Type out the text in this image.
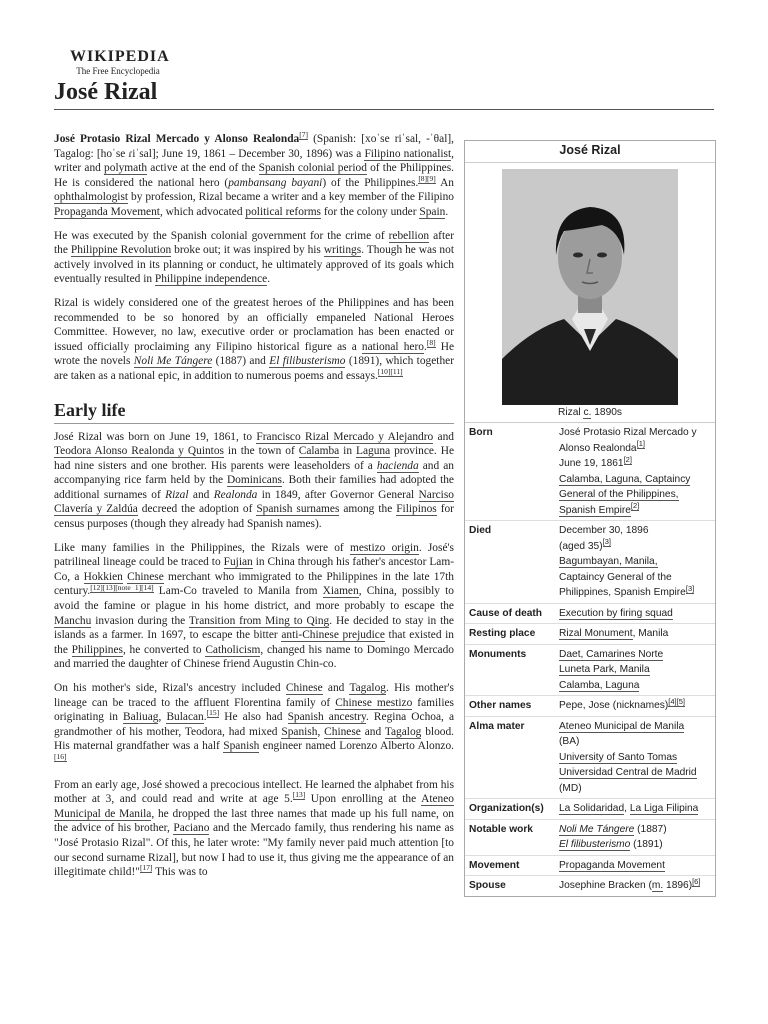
WIKIPEDIA
The Free Encyclopedia
José Rizal

José Protasio Rizal Mercado y Alonso Realonda[7] (Spanish: [xoˈse riˈsal, -ˈθal], Tagalog: [hoˈse ɾiˈsal]; June 19, 1861 – December 30, 1896) was a Filipino nationalist, writer and polymath active at the end of the Spanish colonial period of the Philippines. He is considered the national hero (pambansang bayani) of the Philippines.[8][9] An ophthalmologist by profession, Rizal became a writer and a key member of the Filipino Propaganda Movement, which advocated political reforms for the colony under Spain.

He was executed by the Spanish colonial government for the crime of rebellion after the Philippine Revolution broke out; it was inspired by his writings. Though he was not actively involved in its planning or conduct, he ultimately approved of its goals which eventually resulted in Philippine independence.

Rizal is widely considered one of the greatest heroes of the Philippines and has been recommended to be so honored by an officially empaneled National Heroes Committee. However, no law, executive order or proclamation has been enacted or issued officially proclaiming any Filipino historical figure as a national hero.[8] He wrote the novels Noli Me Tángere (1887) and El filibusterismo (1891), which together are taken as a national epic, in addition to numerous poems and essays.[10][11]

Early life

José Rizal was born on June 19, 1861, to Francisco Rizal Mercado y Alejandro and Teodora Alonso Realonda y Quintos in the town of Calamba in Laguna province. He had nine sisters and one brother. His parents were leaseholders of a hacienda and an accompanying rice farm held by the Dominicans. Both their families had adopted the additional surnames of Rizal and Realonda in 1849, after Governor General Narciso Clavería y Zaldúa decreed the adoption of Spanish surnames among the Filipinos for census purposes (though they already had Spanish names).

Like many families in the Philippines, the Rizals were of mestizo origin. José's patrilineal lineage could be traced to Fujian in China through his father's ancestor Lam-Co, a Hokkien Chinese merchant who immigrated to the Philippines in the late 17th century.[12][13][note 1][14] Lam-Co traveled to Manila from Xiamen, China, possibly to avoid the famine or plague in his home district, and more probably to escape the Manchu invasion during the Transition from Ming to Qing. He decided to stay in the islands as a farmer. In 1697, to escape the bitter anti-Chinese prejudice that existed in the Philippines, he converted to Catholicism, changed his name to Domingo Mercado and married the daughter of Chinese friend Augustin Chin-co.

On his mother's side, Rizal's ancestry included Chinese and Tagalog. His mother's lineage can be traced to the affluent Florentina family of Chinese mestizo families originating in Baliuag, Bulacan.[15] He also had Spanish ancestry. Regina Ochoa, a grandmother of his mother, Teodora, had mixed Spanish, Chinese and Tagalog blood. His maternal grandfather was a half Spanish engineer named Lorenzo Alberto Alonzo.[16]

From an early age, José showed a precocious intellect. He learned the alphabet from his mother at 3, and could read and write at age 5.[13] Upon enrolling at the Ateneo Municipal de Manila, he dropped the last three names that made up his full name, on the advice of his brother, Paciano and the Mercado family, thus rendering his name as "José Protasio Rizal". Of this, he later wrote: "My family never paid much attention [to our second surname Rizal], but now I had to use it, thus giving me the appearance of an illegitimate child!"[17] This was to

José Rizal
Rizal c. 1890s
Born	José Protasio Rizal Mercado y Alonso Realonda[1]
June 19, 1861[2]
Calamba, Laguna, Captaincy General of the Philippines, Spanish Empire[2]
Died	December 30, 1896
(aged 35)[3]
Bagumbayan, Manila,
Captaincy General of the Philippines, Spanish Empire[3]
Cause of death	Execution by firing squad
Resting place	Rizal Monument, Manila
Monuments	Daet, Camarines Norte
Luneta Park, Manila
Calamba, Laguna
Other names	Pepe, Jose (nicknames)[4][5]
Alma mater	Ateneo Municipal de Manila
(BA)
University of Santo Tomas
Universidad Central de Madrid (MD)
Organization(s)	La Solidaridad, La Liga Filipina
Notable work	Noli Me Tángere (1887)
El filibusterismo (1891)
Movement	Propaganda Movement
Spouse	Josephine Bracken (m. 1896)[6]
